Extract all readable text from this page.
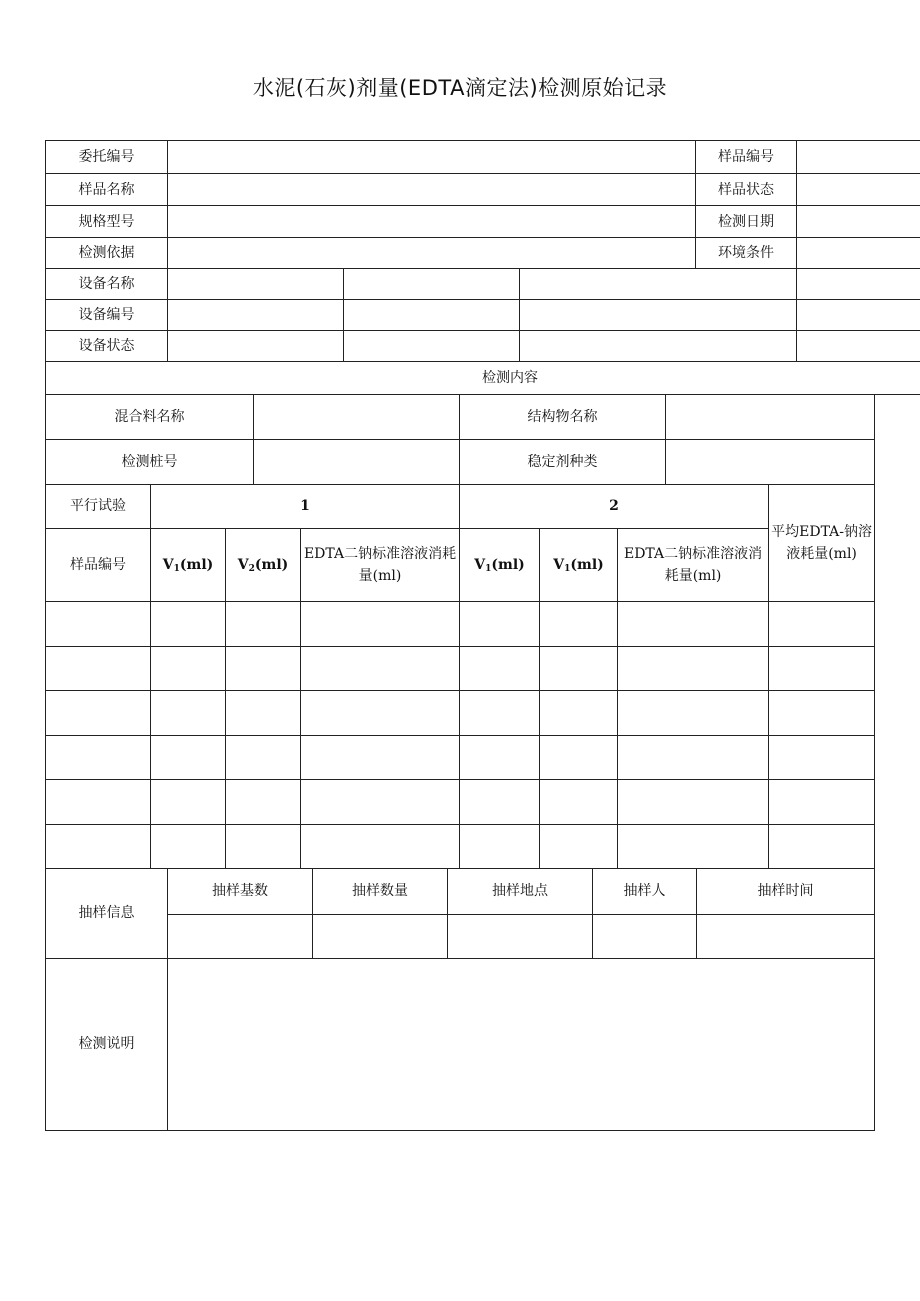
水泥(石灰)剂量(EDTA滴定法)检测原始记录
委托编号				样品编号	
样品名称				样品状态	
规格型号				检测日期	
检测依据				环境条件	
设备名称					
设备编号					
设备状态					
检测内容					
混合料名称		结构物名称	
检测桩号		稳定剂种类	
平行试验	1			2			平均EDTA-钠溶液耗量(ml)
样品编号	$V_1(ml)$	$V_2(ml)$	EDTA二钠标准溶液消耗量(ml)	$V_1(ml)$	$V_1(ml)$	EDTA二钠标准溶液消耗量(ml)	

抽样信息	抽样基数	抽样数量	抽样地点	抽样人	抽样时间

检测说明	
